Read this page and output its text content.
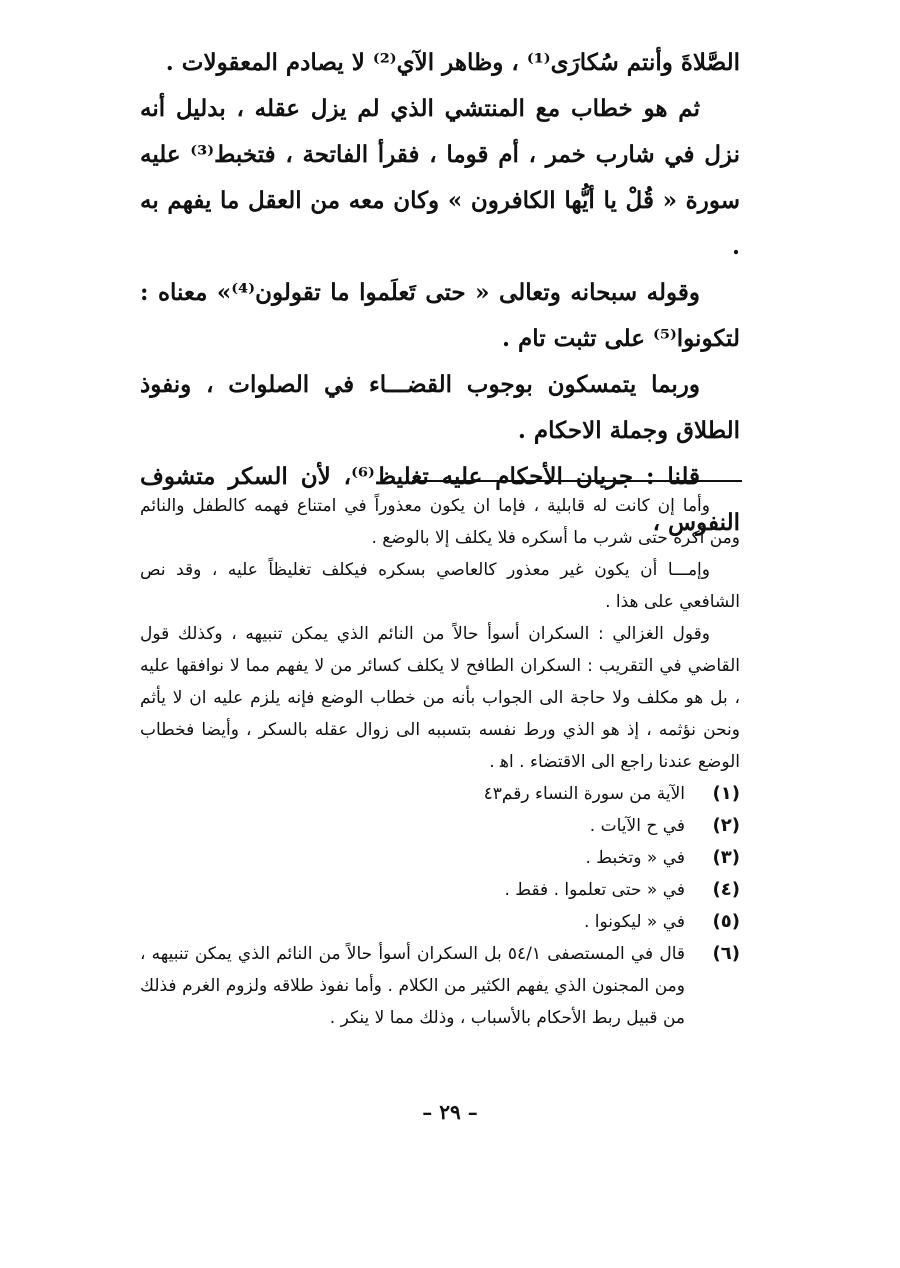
الصَّلاةَ وأنتم سُكارَى⁽¹⁾ ، وظاهر الآي⁽²⁾ لا يصادم المعقولات .

ثم هو خطاب مع المنتشي الذي لم يزل عقله ، بدليل أنه نزل في شارب خمر ، أم قوما ، فقرأ الفاتحة ، فتخبط⁽³⁾ عليه سورة « قُلْ يا أيُّها الكافرون » وكان معه من العقل ما يفهم به .

وقوله سبحانه وتعالى « حتى تَعلَموا ما تقولون⁽⁴⁾» معناه : لتكونوا⁽⁵⁾ على تثبت تام .

وربما يتمسكون بوجوب القضـــاء في الصلوات ، ونفوذ الطلاق وجملة الاحكام .

قلنا : جريان الأحكام عليه تغليظ⁽⁶⁾، لأن السكر متشوف النفوس ،

وأما إن كانت له قابلية ، فإما ان يكون معذوراً في امتناع فهمه كالطفل والنائم ومن أكره حتى شرب ما أسكره فلا يكلف إلا بالوضع .

وإمـــا أن يكون غير معذور كالعاصي بسكره فيكلف تغليظاً عليه ، وقد نص الشافعي على هذا .

وقول الغزالي : السكران أسوأ حالاً من النائم الذي يمكن تنبيهه ، وكذلك قول القاضي في التقريب : السكران الطافح لا يكلف كسائر من لا يفهم مما لا نوافقها عليه ، بل هو مكلف ولا حاجة الى الجواب بأنه من خطاب الوضع فإنه يلزم عليه ان لا يأثم ونحن نؤثمه ، إذ هو الذي ورط نفسه بتسببه الى زوال عقله بالسكر ، وأيضا فخطاب الوضع عندنا راجع الى الاقتضاء . اﻫ .

(١)
الآية من سورة النساء رقم٤٣
(٢)
في ح الآيات .
(٣)
في « وتخبط .
(٤)
في « حتى تعلموا . فقط .
(٥)
في « ليكونوا .
(٦)
قال في المستصفى ٥٤/١ بل السكران أسوأ حالاً من النائم الذي يمكن تنبيهه ، ومن المجنون الذي يفهم الكثير من الكلام . وأما نفوذ طلاقه ولزوم الغرم فذلك من قبيل ربط الأحكام بالأسباب ، وذلك مما لا ينكر .
– ٢٩ –
